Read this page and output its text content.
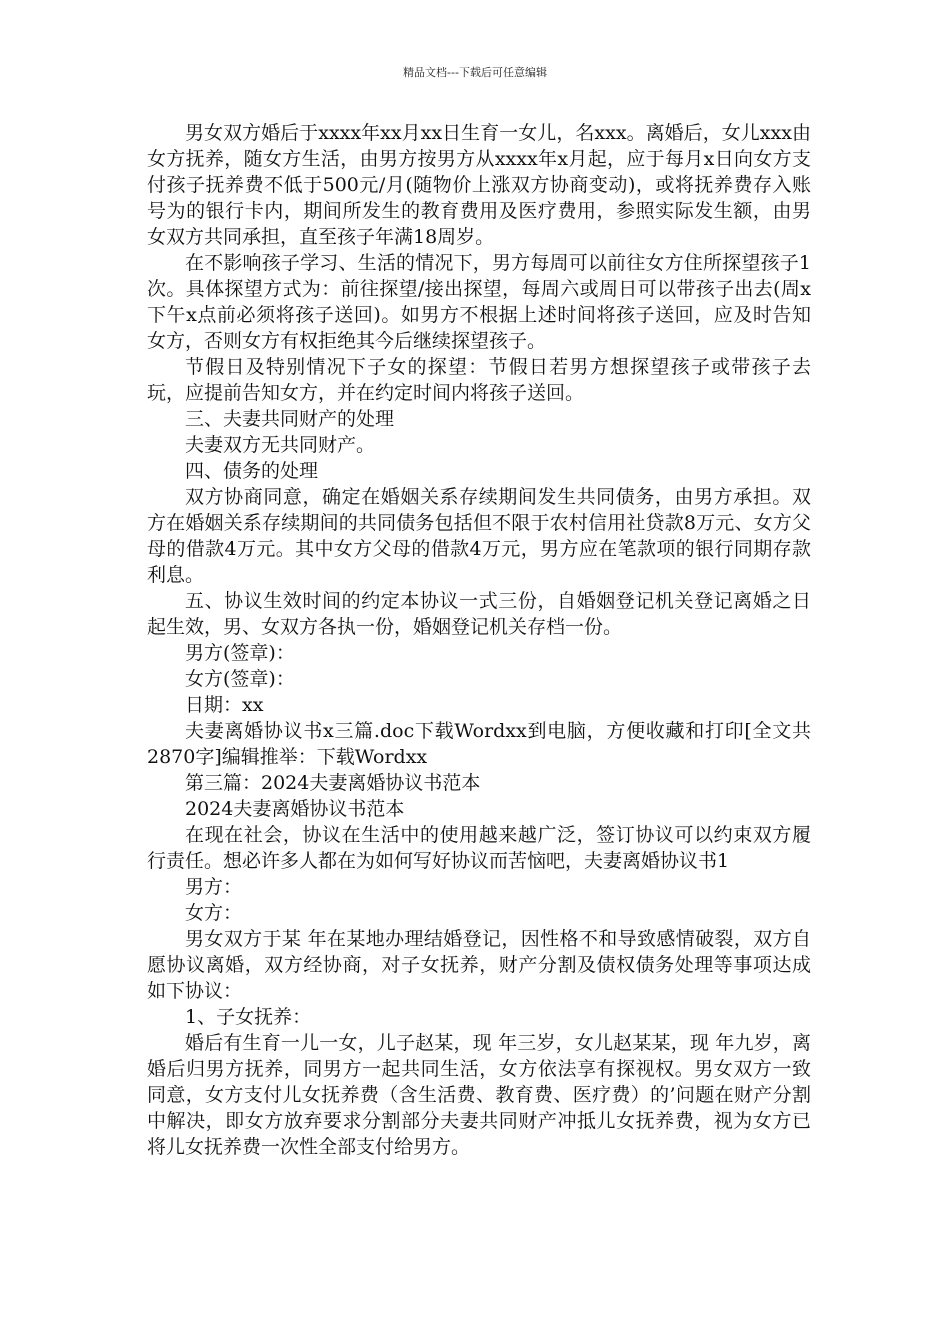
精品文档---下载后可任意编辑

男女双方婚后于xxxx年xx月xx日生育一女儿，名xxx。离婚后，女儿xxx由女方抚养，随女方生活，由男方按男方从xxxx年x月起，应于每月x日向女方支付孩子抚养费不低于500元/月(随物价上涨双方协商变动)，或将抚养费存入账号为的银行卡内，期间所发生的教育费用及医疗费用，参照实际发生额，由男女双方共同承担，直至孩子年满18周岁。

在不影响孩子学习、生活的情况下，男方每周可以前往女方住所探望孩子1次。具体探望方式为：前往探望/接出探望，每周六或周日可以带孩子出去(周x下午x点前必须将孩子送回)。如男方不根据上述时间将孩子送回，应及时告知女方，否则女方有权拒绝其今后继续探望孩子。

节假日及特别情况下子女的探望：节假日若男方想探望孩子或带孩子去玩，应提前告知女方，并在约定时间内将孩子送回。

三、夫妻共同财产的处理

夫妻双方无共同财产。

四、债务的处理

双方协商同意，确定在婚姻关系存续期间发生共同债务，由男方承担。双方在婚姻关系存续期间的共同债务包括但不限于农村信用社贷款8万元、女方父母的借款4万元。其中女方父母的借款4万元，男方应在笔款项的银行同期存款利息。

五、协议生效时间的约定本协议一式三份，自婚姻登记机关登记离婚之日起生效，男、女双方各执一份，婚姻登记机关存档一份。

男方(签章)：

女方(签章)：

日期：xx

夫妻离婚协议书x三篇.doc下载Wordxx到电脑，方便收藏和打印[全文共2870字]编辑推举：下载Wordxx

第三篇：2024夫妻离婚协议书范本

2024夫妻离婚协议书范本

在现在社会，协议在生活中的使用越来越广泛，签订协议可以约束双方履行责任。想必许多人都在为如何写好协议而苦恼吧，夫妻离婚协议书1

男方：

女方：

男女双方于某 年在某地办理结婚登记，因性格不和导致感情破裂，双方自愿协议离婚，双方经协商，对子女抚养，财产分割及债权债务处理等事项达成如下协议：

1、子女抚养：

婚后有生育一儿一女，儿子赵某，现 年三岁，女儿赵某某，现 年九岁，离婚后归男方抚养，同男方一起共同生活，女方依法享有探视权。男女双方一致同意，女方支付儿女抚养费（含生活费、教育费、医疗费）的’问题在财产分割中解决，即女方放弃要求分割部分夫妻共同财产冲抵儿女抚养费，视为女方已将儿女抚养费一次性全部支付给男方。
